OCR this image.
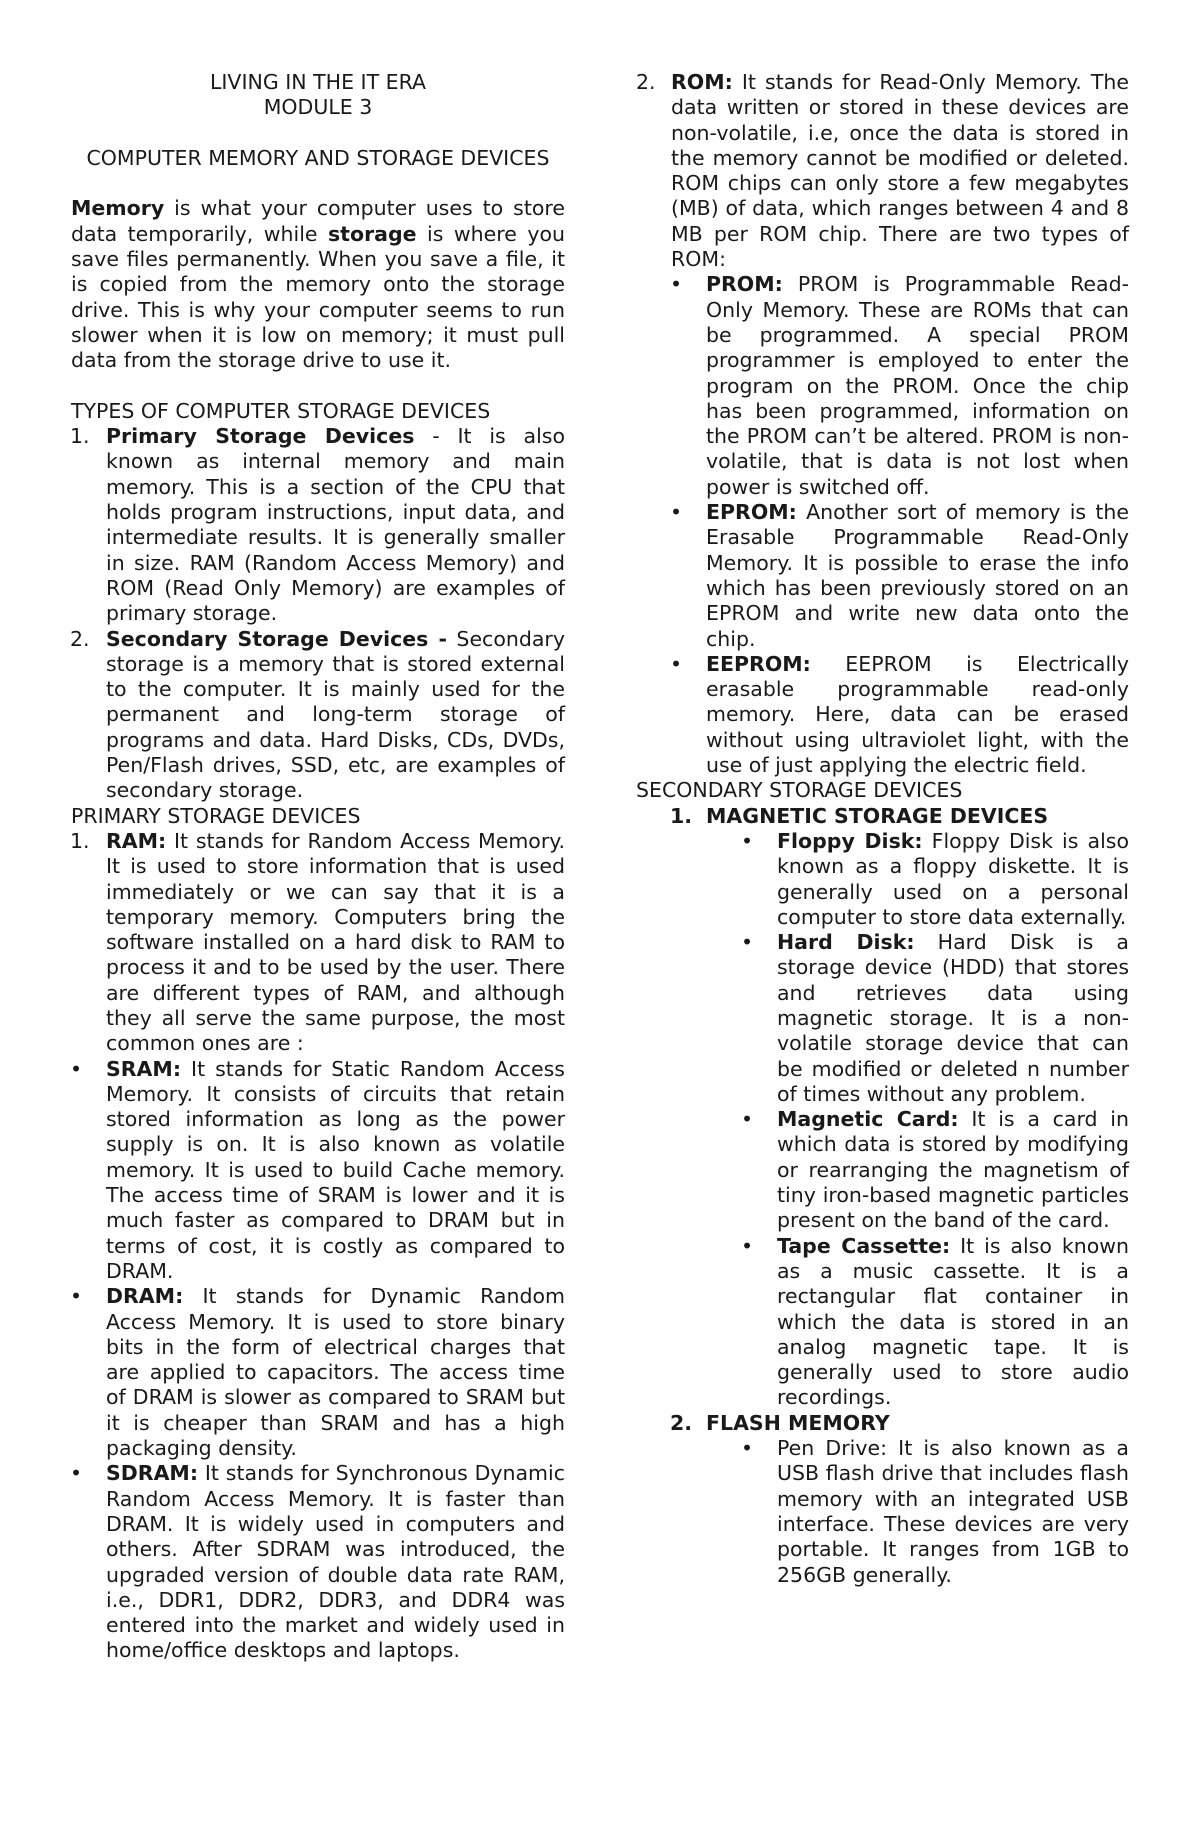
LIVING IN THE IT ERA

MODULE 3

COMPUTER MEMORY AND STORAGE DEVICES

Memory is what your computer uses to store data temporarily, while storage is where you save files permanently. When you save a file, it is copied from the memory onto the storage drive. This is why your computer seems to run slower when it is low on memory; it must pull data from the storage drive to use it.

TYPES OF COMPUTER STORAGE DEVICES

1. Primary Storage Devices - It is also known as internal memory and main memory. This is a section of the CPU that holds program instructions, input data, and intermediate results. It is generally smaller in size. RAM (Random Access Memory) and ROM (Read Only Memory) are examples of primary storage.
2. Secondary Storage Devices - Secondary storage is a memory that is stored external to the computer. It is mainly used for the permanent and long-term storage of programs and data. Hard Disks, CDs, DVDs, Pen/Flash drives, SSD, etc, are examples of secondary storage.

PRIMARY STORAGE DEVICES

1. RAM: It stands for Random Access Memory. It is used to store information that is used immediately or we can say that it is a temporary memory. Computers bring the software installed on a hard disk to RAM to process it and to be used by the user. There are different types of RAM, and although they all serve the same purpose, the most common ones are :
• SRAM: It stands for Static Random Access Memory. It consists of circuits that retain stored information as long as the power supply is on. It is also known as volatile memory. It is used to build Cache memory. The access time of SRAM is lower and it is much faster as compared to DRAM but in terms of cost, it is costly as compared to DRAM.
• DRAM: It stands for Dynamic Random Access Memory. It is used to store binary bits in the form of electrical charges that are applied to capacitors. The access time of DRAM is slower as compared to SRAM but it is cheaper than SRAM and has a high packaging density.
• SDRAM: It stands for Synchronous Dynamic Random Access Memory. It is faster than DRAM. It is widely used in computers and others. After SDRAM was introduced, the upgraded version of double data rate RAM, i.e., DDR1, DDR2, DDR3, and DDR4 was entered into the market and widely used in home/office desktops and laptops.
2. ROM: It stands for Read-Only Memory. The data written or stored in these devices are non-volatile, i.e, once the data is stored in the memory cannot be modified or deleted. ROM chips can only store a few megabytes (MB) of data, which ranges between 4 and 8 MB per ROM chip. There are two types of ROM:
• PROM: PROM is Programmable Read-Only Memory. These are ROMs that can be programmed. A special PROM programmer is employed to enter the program on the PROM. Once the chip has been programmed, information on the PROM can’t be altered. PROM is non-volatile, that is data is not lost when power is switched off.
• EPROM: Another sort of memory is the Erasable Programmable Read-Only Memory. It is possible to erase the info which has been previously stored on an EPROM and write new data onto the chip.
• EEPROM: EEPROM is Electrically erasable programmable read-only memory. Here, data can be erased without using ultraviolet light, with the use of just applying the electric field.

SECONDARY STORAGE DEVICES

1. MAGNETIC STORAGE DEVICES
• Floppy Disk: Floppy Disk is also known as a floppy diskette. It is generally used on a personal computer to store data externally.
• Hard Disk: Hard Disk is a storage device (HDD) that stores and retrieves data using magnetic storage. It is a non-volatile storage device that can be modified or deleted n number of times without any problem.
• Magnetic Card: It is a card in which data is stored by modifying or rearranging the magnetism of tiny iron-based magnetic particles present on the band of the card.
• Tape Cassette: It is also known as a music cassette. It is a rectangular flat container in which the data is stored in an analog magnetic tape. It is generally used to store audio recordings.
2. FLASH MEMORY
• Pen Drive: It is also known as a USB flash drive that includes flash memory with an integrated USB interface. These devices are very portable. It ranges from 1GB to 256GB generally.
